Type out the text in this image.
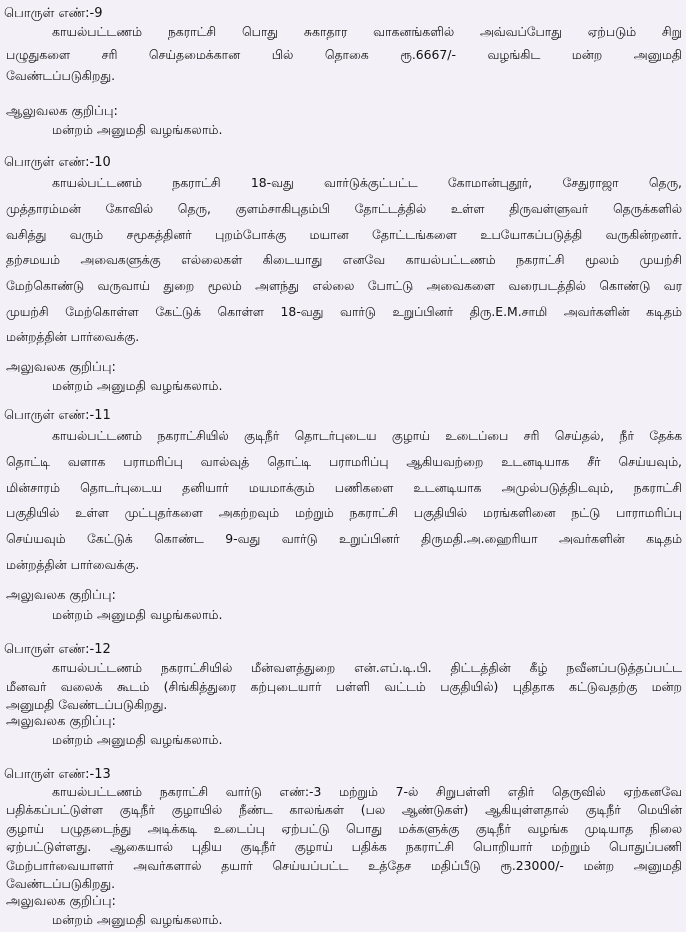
பொருள் எண்:-9
காயல்பட்டணம் நகராட்சி பொது சுகாதார வாகனங்களில் அவ்வப்போது ஏற்படும் சிறு
பழுதுகளை சரி செய்தமைக்கான பில் தொகை ரூ.6667/- வழங்கிட மன்ற அனுமதி
வேண்டப்படுகிறது.
ஆலுவலக குறிப்பு:
மன்றம் அனுமதி வழங்கலாம்.
பொருள் எண்:-10
காயல்பட்டணம் நகராட்சி 18-வது வார்டுக்குட்பட்ட கோமான்புதூர், சேதுராஜா தெரு,
முத்தாரம்மன் கோவில் தெரு, குளம்சாகிபுதம்பி தோட்டத்தில் உள்ள திருவள்ளுவர் தெருக்களில்
வசித்து வரும் சமூகத்தினர் புறம்போக்கு மயான தோட்டங்களை உபயோகப்படுத்தி வருகின்றனர்.
தற்சமயம் அவைகளுக்கு எல்லைகள் கிடையாது எனவே காயல்பட்டணம் நகராட்சி மூலம் முயற்சி
மேற்கொண்டு வருவாய் துறை மூலம் அளந்து எல்லை போட்டு அவைகளை வரைபடத்தில் கொண்டு வர
முயற்சி மேற்கொள்ள கேட்டுக் கொள்ள 18-வது வார்டு உறுப்பினர் திரு.E.M.சாமி அவர்களின் கடிதம்
மன்றத்தின் பார்வைக்கு.
அலுவலக குறிப்பு:
மன்றம் அனுமதி வழங்கலாம்.
பொருள் எண்:-11
காயல்பட்டணம் நகராட்சியில் குடிநீர் தொடர்புடைய குழாய் உடைப்பை சரி செய்தல், நீர் தேக்க
தொட்டி வளாக பராமரிப்பு வால்வுத் தொட்டி பராமரிப்பு ஆகியவற்றை உடனடியாக சீர் செய்யவும்,
மின்சாரம் தொடர்புடைய தனியார் மயமாக்கும் பணிகளை உடனடியாக அமுல்படுத்திடவும், நகராட்சி
பகுதியில் உள்ள முட்புதர்களை அகற்றவும் மற்றும் நகராட்சி பகுதியில் மரங்களினை நட்டு பாராமரிப்பு
செய்யவும் கேட்டுக் கொண்ட 9-வது வார்டு உறுப்பினர் திருமதி.அ.ஹைரியா அவர்களின் கடிதம்
மன்றத்தின் பார்வைக்கு.
அலுவலக குறிப்பு:
மன்றம் அனுமதி வழங்கலாம்.
பொருள் எண்:-12
காயல்பட்டணம் நகராட்சியில் மீன்வளத்துறை என்.எப்.டி.பி. திட்டத்தின் கீழ் நவீனப்படுத்தப்பட்ட
மீனவர் வலைக் கூடம் (சிங்கித்துரை கற்புடையார் பள்ளி வட்டம் பகுதியில்) புதிதாக கட்டுவதற்கு மன்ற
அனுமதி வேண்டப்படுகிறது.
அலுவலக குறிப்பு:
மன்றம் அனுமதி வழங்கலாம்.
பொருள் எண்:-13
காயல்பட்டணம் நகராட்சி வார்டு எண்:-3 மற்றும் 7-ல் சிறுபள்ளி எதிர் தெருவில் ஏற்கனவே
பதிக்கப்பட்டுள்ள குடிநீர் குழாயில் நீண்ட காலங்கள் (பல ஆண்டுகள்) ஆகியுள்ளதால் குடிநீர் மெயின்
குழாய் பழுதடைந்து அடிக்கடி உடைப்பு ஏற்பட்டு பொது மக்களுக்கு குடிநீர் வழங்க முடியாத நிலை
ஏற்பட்டுள்ளது. ஆகையால் புதிய குடிநீர் குழாய் பதிக்க நகராட்சி பொறியார் மற்றும் பொதுப்பணி
மேற்பார்வையாளர் அவர்களால் தயார் செய்யப்பட்ட உத்தேச மதிப்பீடு ரூ.23000/- மன்ற அனுமதி
வேண்டப்படுகிறது.
அலுவலக குறிப்பு:
மன்றம் அனுமதி வழங்கலாம்.
